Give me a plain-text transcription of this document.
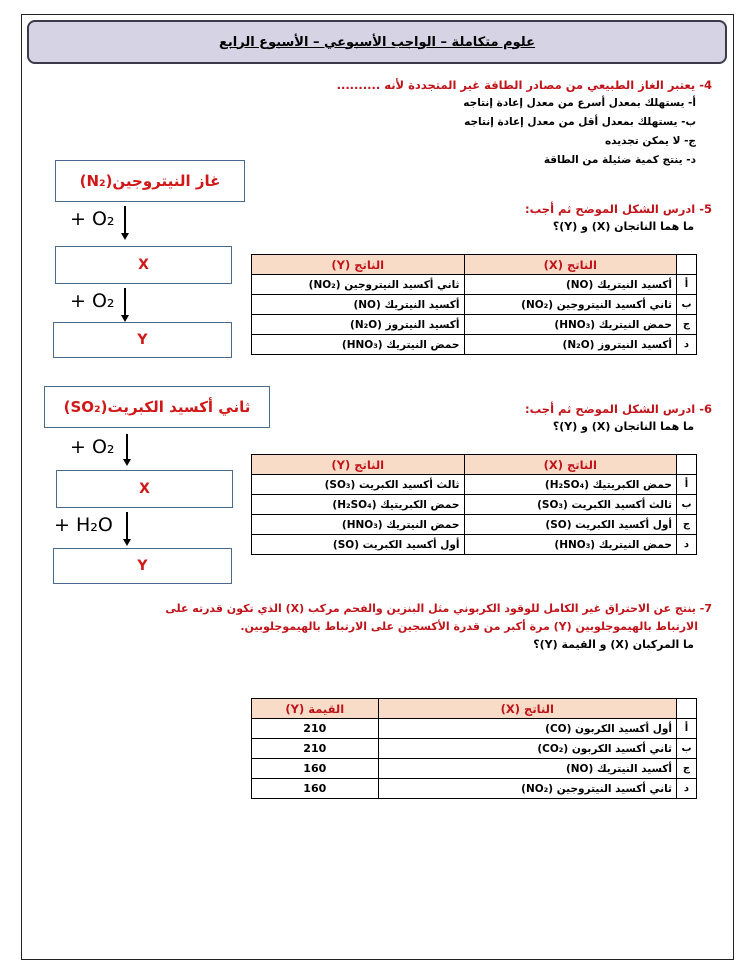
علوم متكاملة – الواجب الأسبوعي – الأسبوع الرابع
4- يعتبر الغاز الطبيعي من مصادر الطاقة غير المتجددة لأنه ..........
أ- يستهلك بمعدل أسرع من معدل إعادة إنتاجه
ب- يستهلك بمعدل أقل من معدل إعادة إنتاجه
ج- لا يمكن تجديده
د- ينتج كمية ضئيلة من الطاقة
5- ادرس الشكل الموضح ثم أجب:
ما هما الناتجان (X) و (Y)؟
غاز النيتروجين(N₂)
+ O₂
X
+ O₂
Y
	الناتج (X)	الناتج (Y)
أ	أكسيد النيتريك (NO)	ثاني أكسيد النيتروجين (NO₂)
ب	ثاني أكسيد النيتروجين (NO₂)	أكسيد النيتريك (NO)
ج	حمض النيتريك (HNO₃)	أكسيد النيتروز (N₂O)
د	أكسيد النيتروز (N₂O)	حمض النيتريك (HNO₃)
6- ادرس الشكل الموضح ثم أجب:
ما هما الناتجان (X) و (Y)؟
ثاني أكسيد الكبريت(SO₂)
+ O₂
X
+ H₂O
Y
	الناتج (X)	الناتج (Y)
أ	حمض الكبريتيك (H₂SO₄)	ثالث أكسيد الكبريت (SO₃)
ب	ثالث أكسيد الكبريت (SO₃)	حمض الكبريتيك (H₂SO₄)
ج	أول أكسيد الكبريت (SO)	حمض النيتريك (HNO₃)
د	حمض النيتريك (HNO₃)	أول أكسيد الكبريت (SO)
7- ينتج عن الاحتراق غير الكامل للوقود الكربوني مثل البنزين والفحم مركب (X) الذي تكون قدرته على
الارتباط بالهيموجلوبين (Y) مرة أكبر من قدرة الأكسجين على الارتباط بالهيموجلوبين.
ما المركبان (X) و القيمة (Y)؟
	الناتج (X)	القيمة (Y)
أ	أول أكسيد الكربون (CO)	210
ب	ثاني أكسيد الكربون (CO₂)	210
ج	أكسيد النيتريك (NO)	160
د	ثاني أكسيد النيتروجين (NO₂)	160
